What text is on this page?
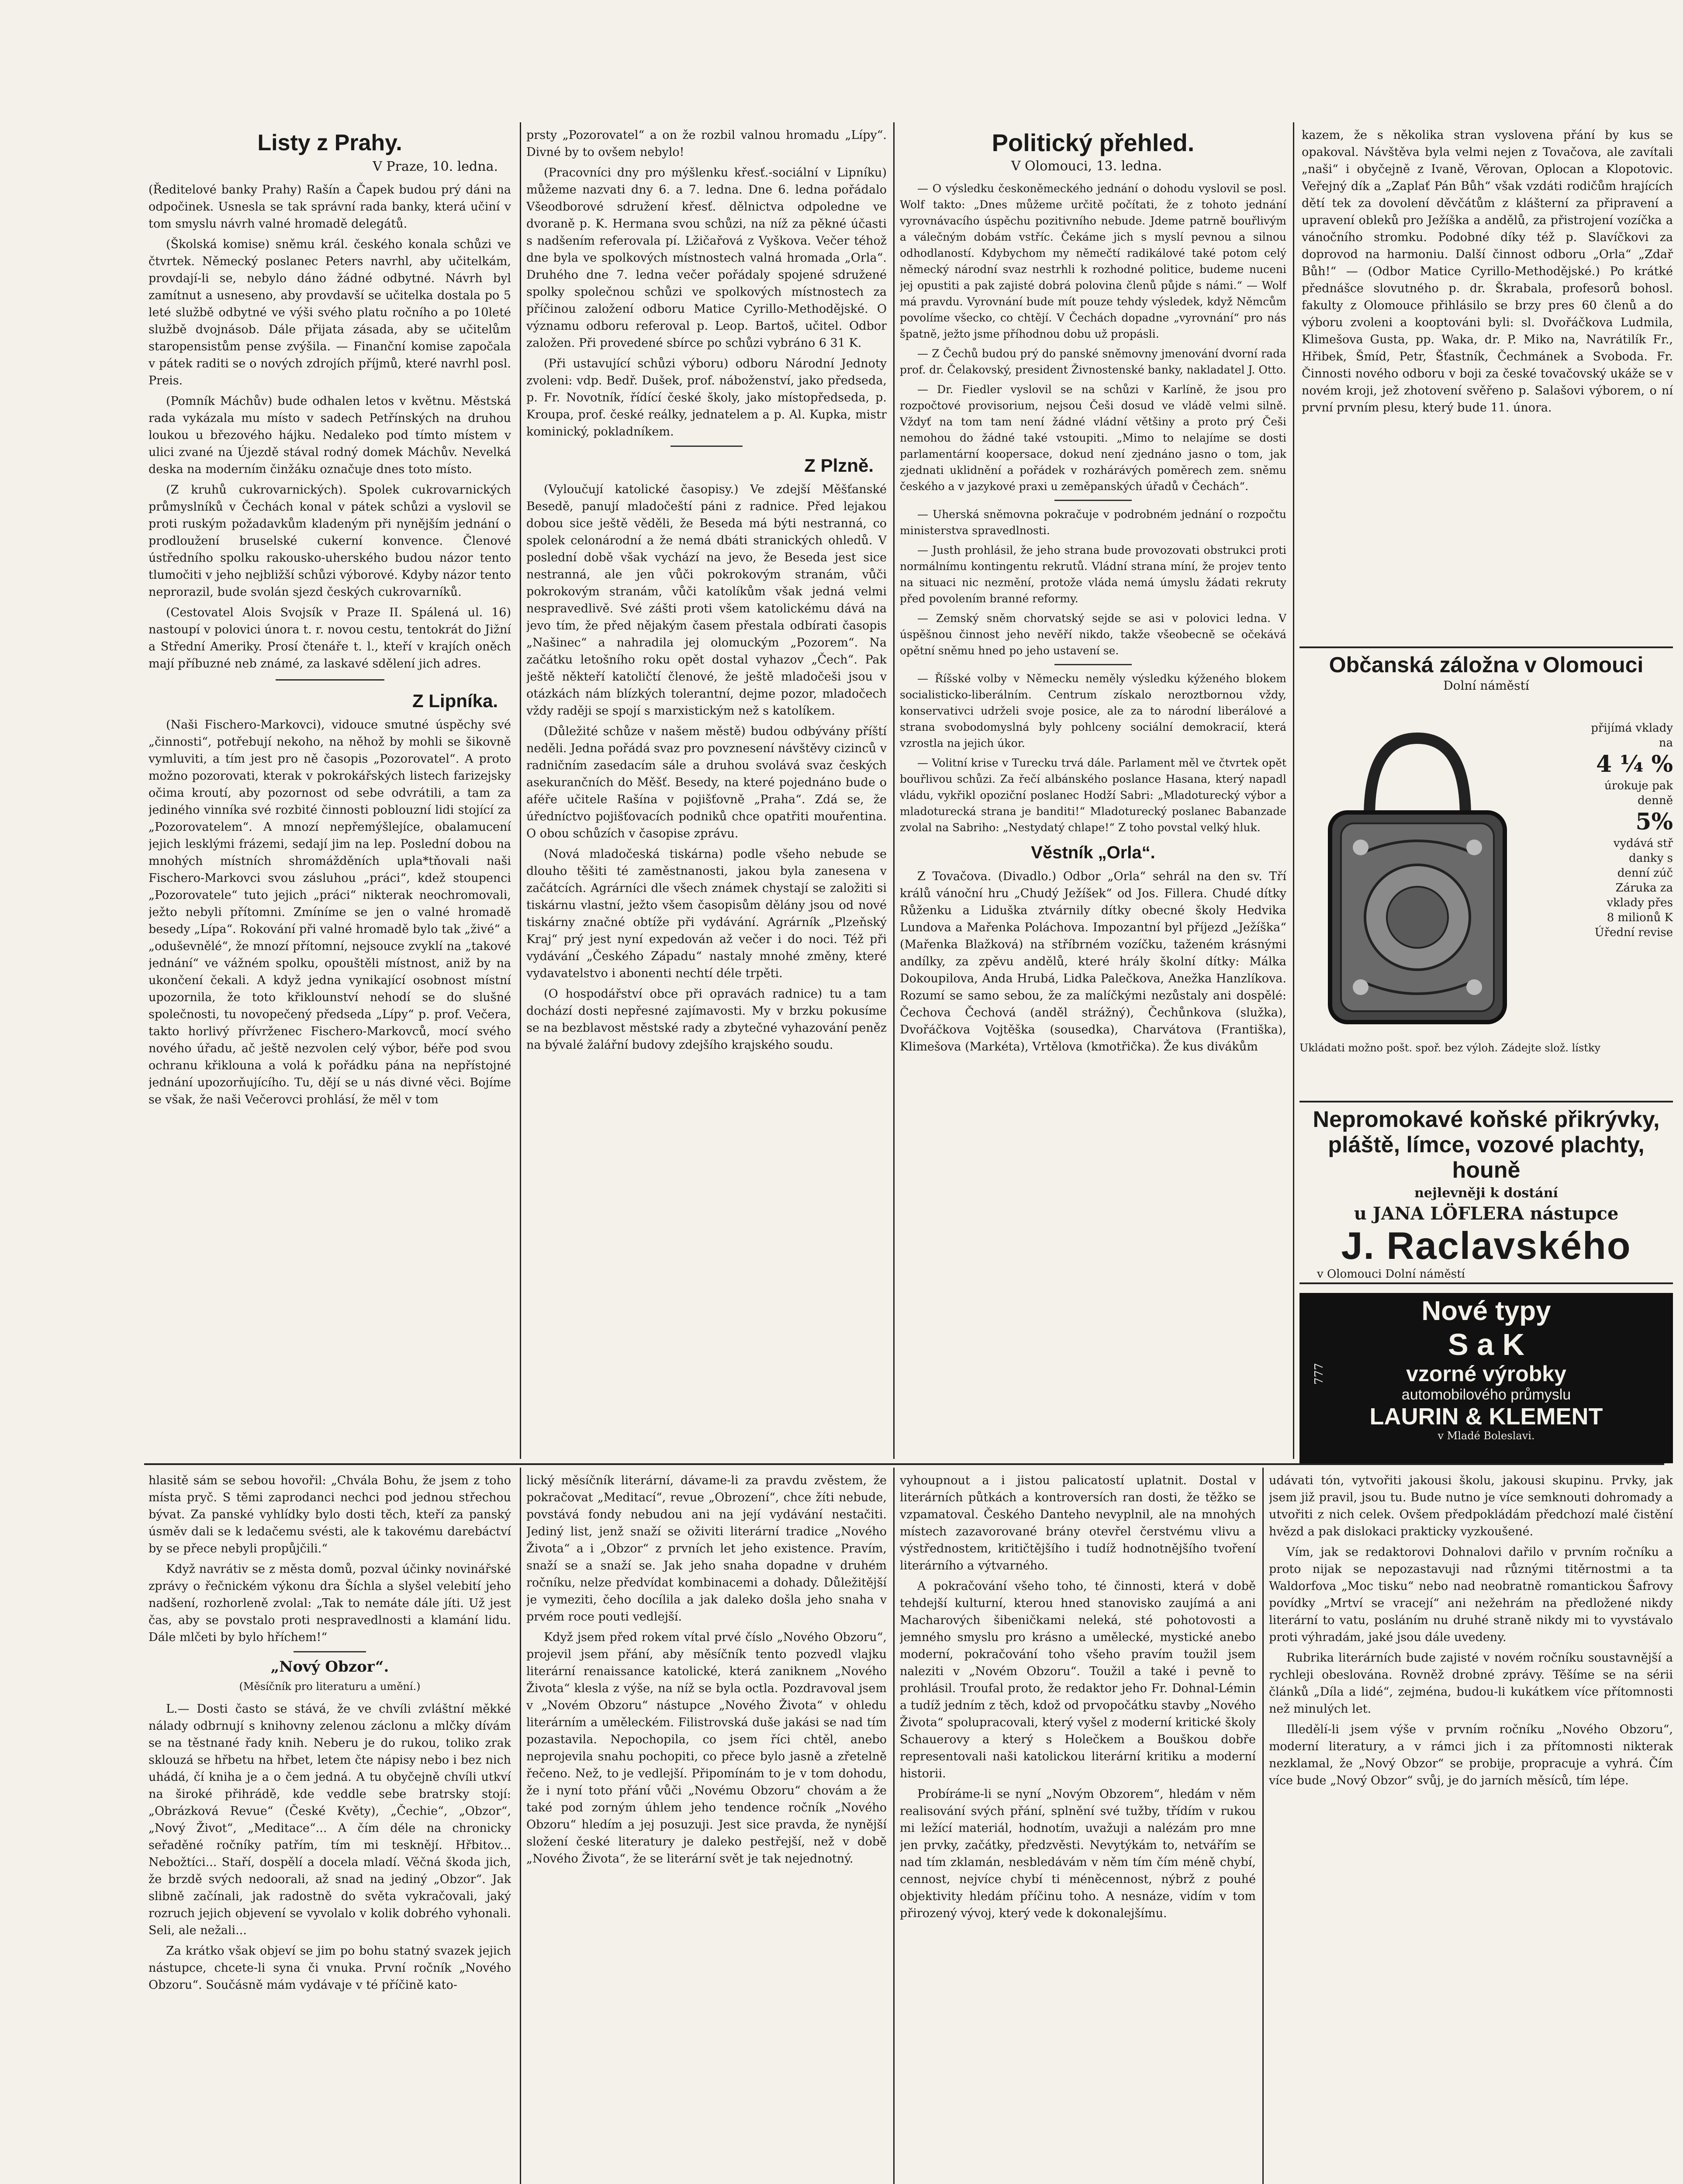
Listy z Prahy.
V Praze, 10. ledna.

(Ředitelové banky Prahy) Rašín a Čapek budou prý dáni na odpočinek. Usnesla se tak správní rada banky, která učiní v tom smyslu návrh valné hromadě delegátů.

(Školská komise) sněmu král. českého konala schůzi ve čtvrtek. Německý poslanec Peters navrhl, aby učitelkám, provdají-li se, nebylo dáno žádné odbytné. Návrh byl zamítnut a usneseno, aby provdavší se učitelka dostala po 5 leté službě odbytné ve výši svého platu ročního a po 10leté službě dvojnásob. Dále přijata zásada, aby se učitelům staropensistům pense zvýšila. — Finanční komise započala v pátek raditi se o nových zdrojích příjmů, které navrhl posl. Preis.

(Pomník Máchův) bude odhalen letos v květnu. Městská rada vykázala mu místo v sadech Petřínských na druhou loukou u březového hájku. Nedaleko pod tímto místem v ulici zvané na Újezdě stával rodný domek Máchův. Nevelká deska na moderním činžáku označuje dnes toto místo.

(Z kruhů cukrovarnických). Spolek cukrovarnických průmyslníků v Čechách konal v pátek schůzi a vyslovil se proti ruským požadavkům kladeným při nynějším jednání o prodloužení bruselské cukerní konvence. Členové ústředního spolku rakousko-uherského budou názor tento tlumočiti v jeho nejbližší schůzi výborové. Kdyby názor tento neprorazil, bude svolán sjezd českých cukrovarníků.

(Cestovatel Alois Svojsík v Praze II. Spálená ul. 16) nastoupí v polovici února t. r. novou cestu, tentokrát do Jižní a Střední Ameriky. Prosí čtenáře t. l., kteří v krajích oněch mají příbuzné neb známé, za laskavé sdělení jich adres.

Z Lipníka.

(Naši Fischero-Markovci), vidouce smutné úspěchy své „činnosti“, potřebují nekoho, na něhož by mohli se šikovně vymluviti, a tím jest pro ně časopis „Pozorovatel“. A proto možno pozorovati, kterak v pokrokářských listech farizejsky očima kroutí, aby pozornost od sebe odvrátili, a tam za jediného vinníka své rozbité činnosti poblouzní lidi stojící za „Pozorovatelem“. A mnozí nepřemýšlejíce, obalamucení jejich lesklými frázemi, sedají jim na lep. Poslední dobou na mnohých místních shromážděních upla*tňovali naši Fischero-Markovci svou zásluhou „práci“, kdež stoupenci „Pozorovatele“ tuto jejich „práci“ nikterak neochromovali, ježto nebyli přítomni. Zmíníme se jen o valné hromadě besedy „Lípa“. Rokování při valné hromadě bylo tak „živé“ a „oduševnělé“, že mnozí přítomní, nejsouce zvyklí na „takové jednání“ ve vážném spolku, opouštěli místnost, aniž by na ukončení čekali. A když jedna vynikající osobnost místní upozornila, že toto křiklounství nehodí se do slušné společnosti, tu novopečený předseda „Lípy“ p. prof. Večera, takto horlivý přívrženec Fischero-Markovců, mocí svého nového úřadu, ač ještě nezvolen celý výbor, béře pod svou ochranu křiklouna a volá k pořádku pána na nepřístojné jednání upozorňujícího. Tu, dějí se u nás divné věci. Bojíme se však, že naši Večerovci prohlásí, že měl v tom

prsty „Pozorovatel“ a on že rozbil valnou hromadu „Lípy“. Divné by to ovšem nebylo!

(Pracovníci dny pro mýšlenku křesť.-sociální v Lipníku) můžeme nazvati dny 6. a 7. ledna. Dne 6. ledna pořádalo Všeodborové sdružení křesť. dělnictva odpoledne ve dvoraně p. K. Hermana svou schůzi, na níž za pěkné účasti s nadšením referovala pí. Lžičařová z Vyškova. Večer téhož dne byla ve spolkových místnostech valná hromada „Orla“. Druhého dne 7. ledna večer pořádaly spojené sdružené spolky společnou schůzi ve spolkových místnostech za příčinou založení odboru Matice Cyrillo-Methodějské. O významu odboru referoval p. Leop. Bartoš, učitel. Odbor založen. Při provedené sbírce po schůzi vybráno 6 31 K.

(Při ustavující schůzi výboru) odboru Národní Jednoty zvoleni: vdp. Bedř. Dušek, prof. náboženství, jako předseda, p. Fr. Novotník, řídící české školy, jako místopředseda, p. Kroupa, prof. české reálky, jednatelem a p. Al. Kupka, mistr kominický, pokladníkem.

Z Plzně.

(Vyloučují katolické časopisy.) Ve zdejší Měšťanské Besedě, panují mladočeští páni z radnice. Před lejakou dobou sice ještě věděli, že Beseda má býti nestranná, co spolek celonárodní a že nemá dbáti stranických ohledů. V poslední době však vychází na jevo, že Beseda jest sice nestranná, ale jen vůči pokrokovým stranám, vůči pokrokovým stranám, vůči katolíkům však jedná velmi nespravedlivě. Své zášti proti všem katolickému dává na jevo tím, že před nějakým časem přestala odbírati časopis „Našinec“ a nahradila jej olomuckým „Pozorem“. Na začátku letošního roku opět dostal vyhazov „Čech“. Pak ještě někteří katoličtí členové, že ještě mladočeši jsou v otázkách nám blízkých tolerantní, dejme pozor, mladočech vždy raději se spojí s marxistickým než s katolíkem.

(Důležité schůze v našem městě) budou odbývány příští neděli. Jedna pořádá svaz pro povznesení návštěvy cizinců v radničním zasedacím sále a druhou svolává svaz českých asekurančních do Měšť. Besedy, na které pojednáno bude o aféře učitele Rašína v pojišťovně „Praha“. Zdá se, že úředníctvo pojišťovacích podniků chce opatřiti mouřentina. O obou schůzích v časopise zprávu.

(Nová mladočeská tiskárna) podle všeho nebude se dlouho těšiti té zaměstnanosti, jakou byla zanesena v začátcích. Agrárníci dle všech známek chystají se založiti si tiskárnu vlastní, ježto všem časopisům dělány jsou od nové tiskárny značné obtíže při vydávání. Agrárník „Plzeňský Kraj“ prý jest nyní expedován až večer i do noci. Též při vydávání „Českého Západu“ nastaly mnohé změny, které vydavatelstvo i abonenti nechtí déle trpěti.

(O hospodářství obce při opravách radnice) tu a tam dochází dosti nepřesné zajímavosti. My v brzku pokusíme se na bezblavost městské rady a zbytečné vyhazování peněz na bývalé žalářní budovy zdejšího krajského soudu.

Politický přehled.
V Olomouci, 13. ledna.

— O výsledku českoněmeckého jednání o dohodu vyslovil se posl. Wolf takto: „Dnes můžeme určitě počítati, že z tohoto jednání vyrovnávacího úspěchu pozitivního nebude. Jdeme patrně bouřlivým a válečným dobám vstříc. Čekáme jich s myslí pevnou a silnou odhodlaností. Kdybychom my němečtí radikálové také potom celý německý národní svaz nestrhli k rozhodné politice, budeme nuceni jej opustiti a pak zajisté dobrá polovina členů půjde s námi.“ — Wolf má pravdu. Vyrovnání bude mít pouze tehdy výsledek, když Němcům povolíme všecko, co chtějí. V Čechách dopadne „vyrovnání“ pro nás špatně, ježto jsme příhodnou dobu už propásli.

— Z Čechů budou prý do panské sněmovny jmenování dvorní rada prof. dr. Čelakovský, president Živnostenské banky, nakladatel J. Otto.

— Dr. Fiedler vyslovil se na schůzi v Karlíně, že jsou pro rozpočtové provisorium, nejsou Češi dosud ve vládě velmi silně. Vždyť na tom tam není žádné vládní většiny a proto prý Češi nemohou do žádné také vstoupiti. „Mimo to nelajíme se dosti parlamentární koopersace, dokud není zjednáno jasno o tom, jak zjednati uklidnění a pořádek v rozhárávých poměrech zem. sněmu českého a v jazykové praxi u zeměpanských úřadů v Čechách“.

— Uherská sněmovna pokračuje v podrobném jednání o rozpočtu ministerstva spravedlnosti.

— Justh prohlásil, že jeho strana bude provozovati obstrukci proti normálnímu kontingentu rekrutů. Vládní strana míní, že projev tento na situaci nic nezmění, protože vláda nemá úmyslu žádati rekruty před povolením branné reformy.

— Zemský sněm chorvatský sejde se asi v polovici ledna. V úspěšnou činnost jeho nevěří nikdo, takže všeobecně se očekává opětní sněmu hned po jeho ustavení se.

— Říšské volby v Německu neměly výsledku kýženého blokem socialisticko-liberálním. Centrum získalo neroztbornou vždy, konservativci udrželi svoje posice, ale za to národní liberálové a strana svobodomyslná byly pohlceny sociální demokracií, která vzrostla na jejich úkor.

— Volitní krise v Turecku trvá dále. Parlament měl ve čtvrtek opět bouřlivou schůzi. Za řečí albánského poslance Hasana, který napadl vládu, vykřikl opoziční poslanec Hodží Sabri: „Mladoturecký výbor a mladoturecká strana je banditi!“ Mladoturecký poslanec Babanzade zvolal na Sabriho: „Nestydatý chlape!“ Z toho povstal velký hluk.

Věstník „Orla“.

Z Tovačova. (Divadlo.) Odbor „Orla“ sehrál na den sv. Tří králů vánoční hru „Chudý Ježíšek“ od Jos. Fillera. Chudé dítky Růženku a Liduška ztvárnily dítky obecné školy Hedvika Lundova a Mařenka Poláchova. Impozantní byl příjezd „Ježíška“ (Mařenka Blažková) na stříbrném vozíčku, taženém krásnými andílky, za zpěvu andělů, které hrály školní dítky: Málka Dokoupilova, Anda Hrubá, Lidka Palečkova, Anežka Hanzlíkova. Rozumí se samo sebou, že za malíčkými nezůstaly ani dospělé: Čechova Čechová (anděl strážný), Čechůnkova (služka), Dvořáčkova Vojtěška (sousedka), Charvátova (Františka), Klimešova (Markéta), Vrtělova (kmotřička). Že kus divákům

kazem, že s několika stran vyslovena přání by kus se opakoval. Návštěva byla velmi nejen z Tovačova, ale zavítali „naši“ i obyčejně z Ivaně, Věrovan, Oplocan a Klopotovic. Veřejný dík a „Zaplať Pán Bůh“ však vzdáti rodičům hrajících dětí tek za dovolení děvčátům z klášterní za připravení a upravení obleků pro Ježíška a andělů, za přistrojení vozíčka a vánočního stromku. Podobné díky též p. Slavíčkovi za doprovod na harmoniu. Další činnost odboru „Orla“ „Zdař Bůh!“ — (Odbor Matice Cyrillo-Methodějské.) Po krátké přednášce slovutného p. dr. Škrabala, profesorů bohosl. fakulty z Olomouce přihlásilo se brzy pres 60 členů a do výboru zvoleni a kooptováni byli: sl. Dvořáčkova Ludmila, Klimešova Gusta, pp. Waka, dr. P. Miko na, Navrátilík Fr., Hřibek, Šmíd, Petr, Šťastník, Čechmánek a Svoboda. Fr. Činnosti nového odboru v boji za české tovačovský ukáže se v novém kroji, jež zhotovení svěřeno p. Salašovi výborem, o ní první prvním plesu, který bude 11. února.

Občanská záložna v Olomouci
Dolní náměstí
přijímá vklady
na
4 ¼ %
úrokuje pak
denně
5%
vydává stř
danky s
denní zúč
Záruka za
vklady přes
8 milionů K
Úřední revise
Ukládati možno pošt. spoř. bez výloh. Zádejte slož. lístky
Nepromokavé koňské přikrývky, pláště, límce, vozové plachty, houně
nejlevněji k dostání
u JANA LÖFLERA nástupce
J. Raclavského
v Olomouci Dolní náměstí
Nové typy
S a K
vzorné výrobky
automobilového průmyslu
LAURIN & KLEMENT
v Mladé Boleslavi.
777

hlasitě sám se sebou hovořil: „Chvála Bohu, že jsem z toho místa pryč. S těmi zaprodanci nechci pod jednou střechou bývat. Za panské vyhlídky bylo dosti těch, kteří za panský úsměv dali se k ledačemu svésti, ale k takovému darebáctví by se přece nebyli propůjčili.“

Když navrátiv se z města domů, pozval účinky novinářské zprávy o řečnickém výkonu dra Šíchla a slyšel velebití jeho nadšení, rozhorleně zvolal: „Tak to nemáte dále jíti. Už jest čas, aby se povstalo proti nespravedlnosti a klamání lidu. Dále mlčeti by bylo hříchem!“

„Nový Obzor“.
(Měsíčník pro literaturu a umění.)

L.— Dosti často se stává, že ve chvíli zvláštní měkké nálady odbrnují s knihovny zelenou záclonu a mlčky dívám se na těstnané řady knih. Neberu je do rukou, toliko zrak sklouzá se hřbetu na hřbet, letem čte nápisy nebo i bez nich uhádá, čí kniha je a o čem jedná. A tu obyčejně chvíli utkví na široké přihrádě, kde veddle sebe bratrsky stojí: „Obrázková Revue“ (České Květy), „Čechie“, „Obzor“, „Nový Život“, „Meditace“... A čím déle na chronicky seřaděné ročníky patřím, tím mi tesknějí. Hřbitov... Nebožtíci... Staří, dospělí a docela mladí. Věčná škoda jich, že brzdě svých nedoorali, až snad na jediný „Obzor“. Jak slibně začínali, jak radostně do světa vykračovali, jaký rozruch jejich objevení se vyvolalo v kolik dobrého vyhonali. Seli, ale nežali...

Za krátko však objeví se jim po bohu statný svazek jejich nástupce, chcete-li syna či vnuka. První ročník „Nového Obzoru“. Součásně mám vydávaje v té příčině kato-

lický měsíčník literární, dávame-li za pravdu zvěstem, že pokračovat „Meditací“, revue „Obrození“, chce žíti nebude, povstává fondy nebudou ani na její vydávání nestačiti. Jediný list, jenž snaží se oživiti literární tradice „Nového Života“ a i „Obzor“ z prvních let jeho existence. Pravím, snaží se a snaží se. Jak jeho snaha dopadne v druhém ročníku, nelze předvídat kombinacemi a dohady. Důležitější je vymeziti, čeho docílila a jak daleko došla jeho snaha v prvém roce pouti vedlejší.

Když jsem před rokem vítal prvé číslo „Nového Obzoru“, projevil jsem přání, aby měsíčník tento pozvedl vlajku literární renaissance katolické, která zaniknem „Nového Života“ klesla z výše, na níž se byla octla. Pozdravoval jsem v „Novém Obzoru“ nástupce „Nového Života“ v ohledu literárním a uměleckém. Filistrovská duše jakási se nad tím pozastavila. Nepochopila, co jsem říci chtěl, anebo neprojevila snahu pochopiti, co přece bylo jasně a zřetelně řečeno. Než, to je vedlejší. Připomínám to je v tom dohodu, že i nyní toto přání vůči „Novému Obzoru“ chovám a že také pod zorným úhlem jeho tendence ročník „Nového Obzoru“ hledím a jej posuzuji. Jest sice pravda, že nynější složení české literatury je daleko pestřejší, než v době „Nového Života“, že se literární svět je tak nejednotný.

vyhoupnout a i jistou palicatostí uplatnit. Dostal v literárních půtkách a kontroversích ran dosti, že těžko se vzpamatoval. Českého Danteho nevyplnil, ale na mnohých místech zazavorované brány otevřel čerstvému vlivu a výstřednostem, kritičtějšího i tudíž hodnotnějšího tvoření literárního a výtvarného.

A pokračování všeho toho, té činnosti, která v době tehdejší kulturní, kterou hned stanovisko zaujímá a ani Macharových šibeničkami neleká, sté pohotovosti a jemného smyslu pro krásno a umělecké, mystické anebo moderní, pokračování toho všeho pravím toužil jsem naleziti v „Novém Obzoru“. Toužil a také i pevně to prohlásil. Troufal proto, že redaktor jeho Fr. Dohnal-Lémin a tudíž jedním z těch, kdož od prvopočátku stavby „Nového Života“ spolupracovali, který vyšel z moderní kritické školy Schauerovy a který s Holečkem a Bouškou dobře representovali naši katolickou literární kritiku a moderní historii.

Probíráme-li se nyní „Novým Obzorem“, hledám v něm realisování svých přání, splnění své tužby, třídím v rukou mi ležící materiál, hodnotím, uvažuji a nalézám pro mne jen prvky, začátky, předzvěsti. Nevytýkám to, netvářím se nad tím zklamán, nesbledávám v něm tím čím méně chybí, cennost, nejvíce chybí ti méněcennost, nýbrž z pouhé objektivity hledám příčinu toho. A nesnáze, vidím v tom přirozený vývoj, který vede k dokonalejšímu.

udávati tón, vytvořiti jakousi školu, jakousi skupinu. Prvky, jak jsem již pravil, jsou tu. Bude nutno je více semknouti dohromady a utvořiti z nich celek. Ovšem předpokládám předchozí malé čistění hvězd a pak dislokaci prakticky vyzkoušené.

Vím, jak se redaktorovi Dohnalovi dařilo v prvním ročníku a proto nijak se nepozastavuji nad různými titěrnostmi a ta Waldorfova „Moc tisku“ nebo nad neobratně romantickou Šafrovy povídky „Mrtví se vracejí“ ani nežehrám na předložené nikdy literární to vatu, posláním nu druhé straně nikdy mi to vyvstávalo proti výhradám, jaké jsou dále uvedeny.

Rubrika literárních bude zajisté v novém ročníku soustavnější a rychleji obeslována. Rovněž drobné zprávy. Těšíme se na sérii článků „Díla a lidé“, zejména, budou-li kukátkem více přítomnosti než minulých let.

Illedělí-li jsem výše v prvním ročníku „Nového Obzoru“, moderní literatury, a v rámci jich i za přítomnosti nikterak nezklamal, že „Nový Obzor“ se probije, propracuje a vyhrá. Čím více bude „Nový Obzor“ svůj, je do jarních měsíců, tím lépe.
